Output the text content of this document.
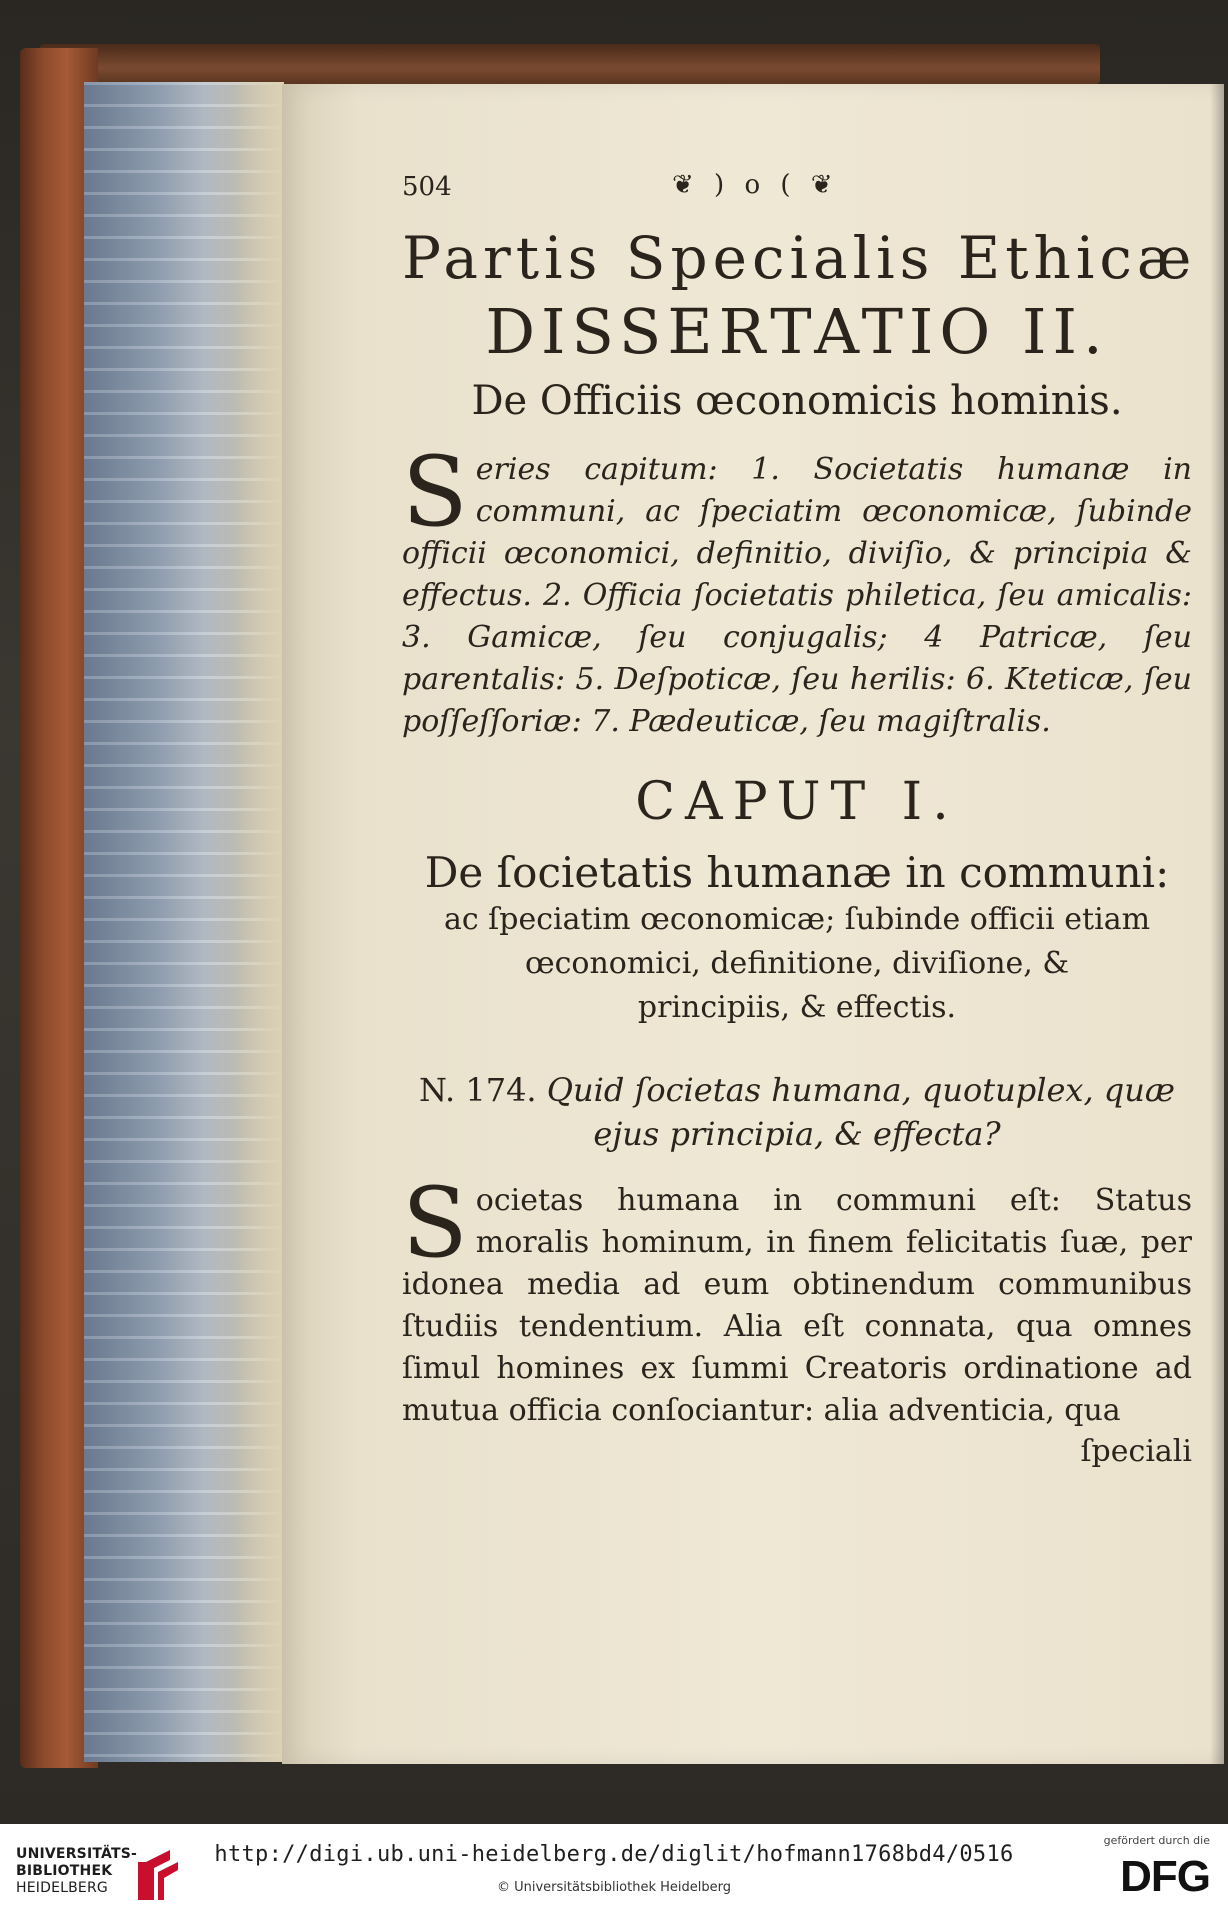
504	❦ ) o ( ❦
Partis Specialis Ethicæ
DISSERTATIO II.
De Officiis œconomicis hominis.
S eries capitum: 1. Societatis humanæ in communi, ac ſpeciatim œconomicæ, ſubinde officii œconomici, definitio, diviſio, & principia & effectus. 2. Officia ſocietatis philetica, ſeu amicalis: 3. Gamicæ, ſeu conjugalis; 4 Patricæ, ſeu parentalis: 5. Deſpoticæ, ſeu herilis: 6. Kteticæ, ſeu poſſeſſoriæ: 7. Pædeuticæ, ſeu magiſtralis.
CAPUT I.
De ſocietatis humanæ in communi:
ac ſpeciatim œconomicæ; ſubinde officii etiam
œconomici, definitione, diviſione, &
principiis, & effectis.
N. 174. Quid ſocietas humana, quotuplex, quæ ejus principia, & effecta?
S ocietas humana in communi eſt: Status moralis hominum, in finem felicitatis ſuæ, per idonea media ad eum obtinendum communibus ſtudiis tendentium. Alia eſt connata, qua omnes ſimul homines ex ſummi Creatoris ordinatione ad mutua officia conſociantur: alia adventicia, qua
ſpeciali
UNIVERSITÄTS-
BIBLIOTHEK
HEIDELBERG
http://digi.ub.uni-heidelberg.de/diglit/hofmann1768bd4/0516
© Universitätsbibliothek Heidelberg
gefördert durch die
DFG
